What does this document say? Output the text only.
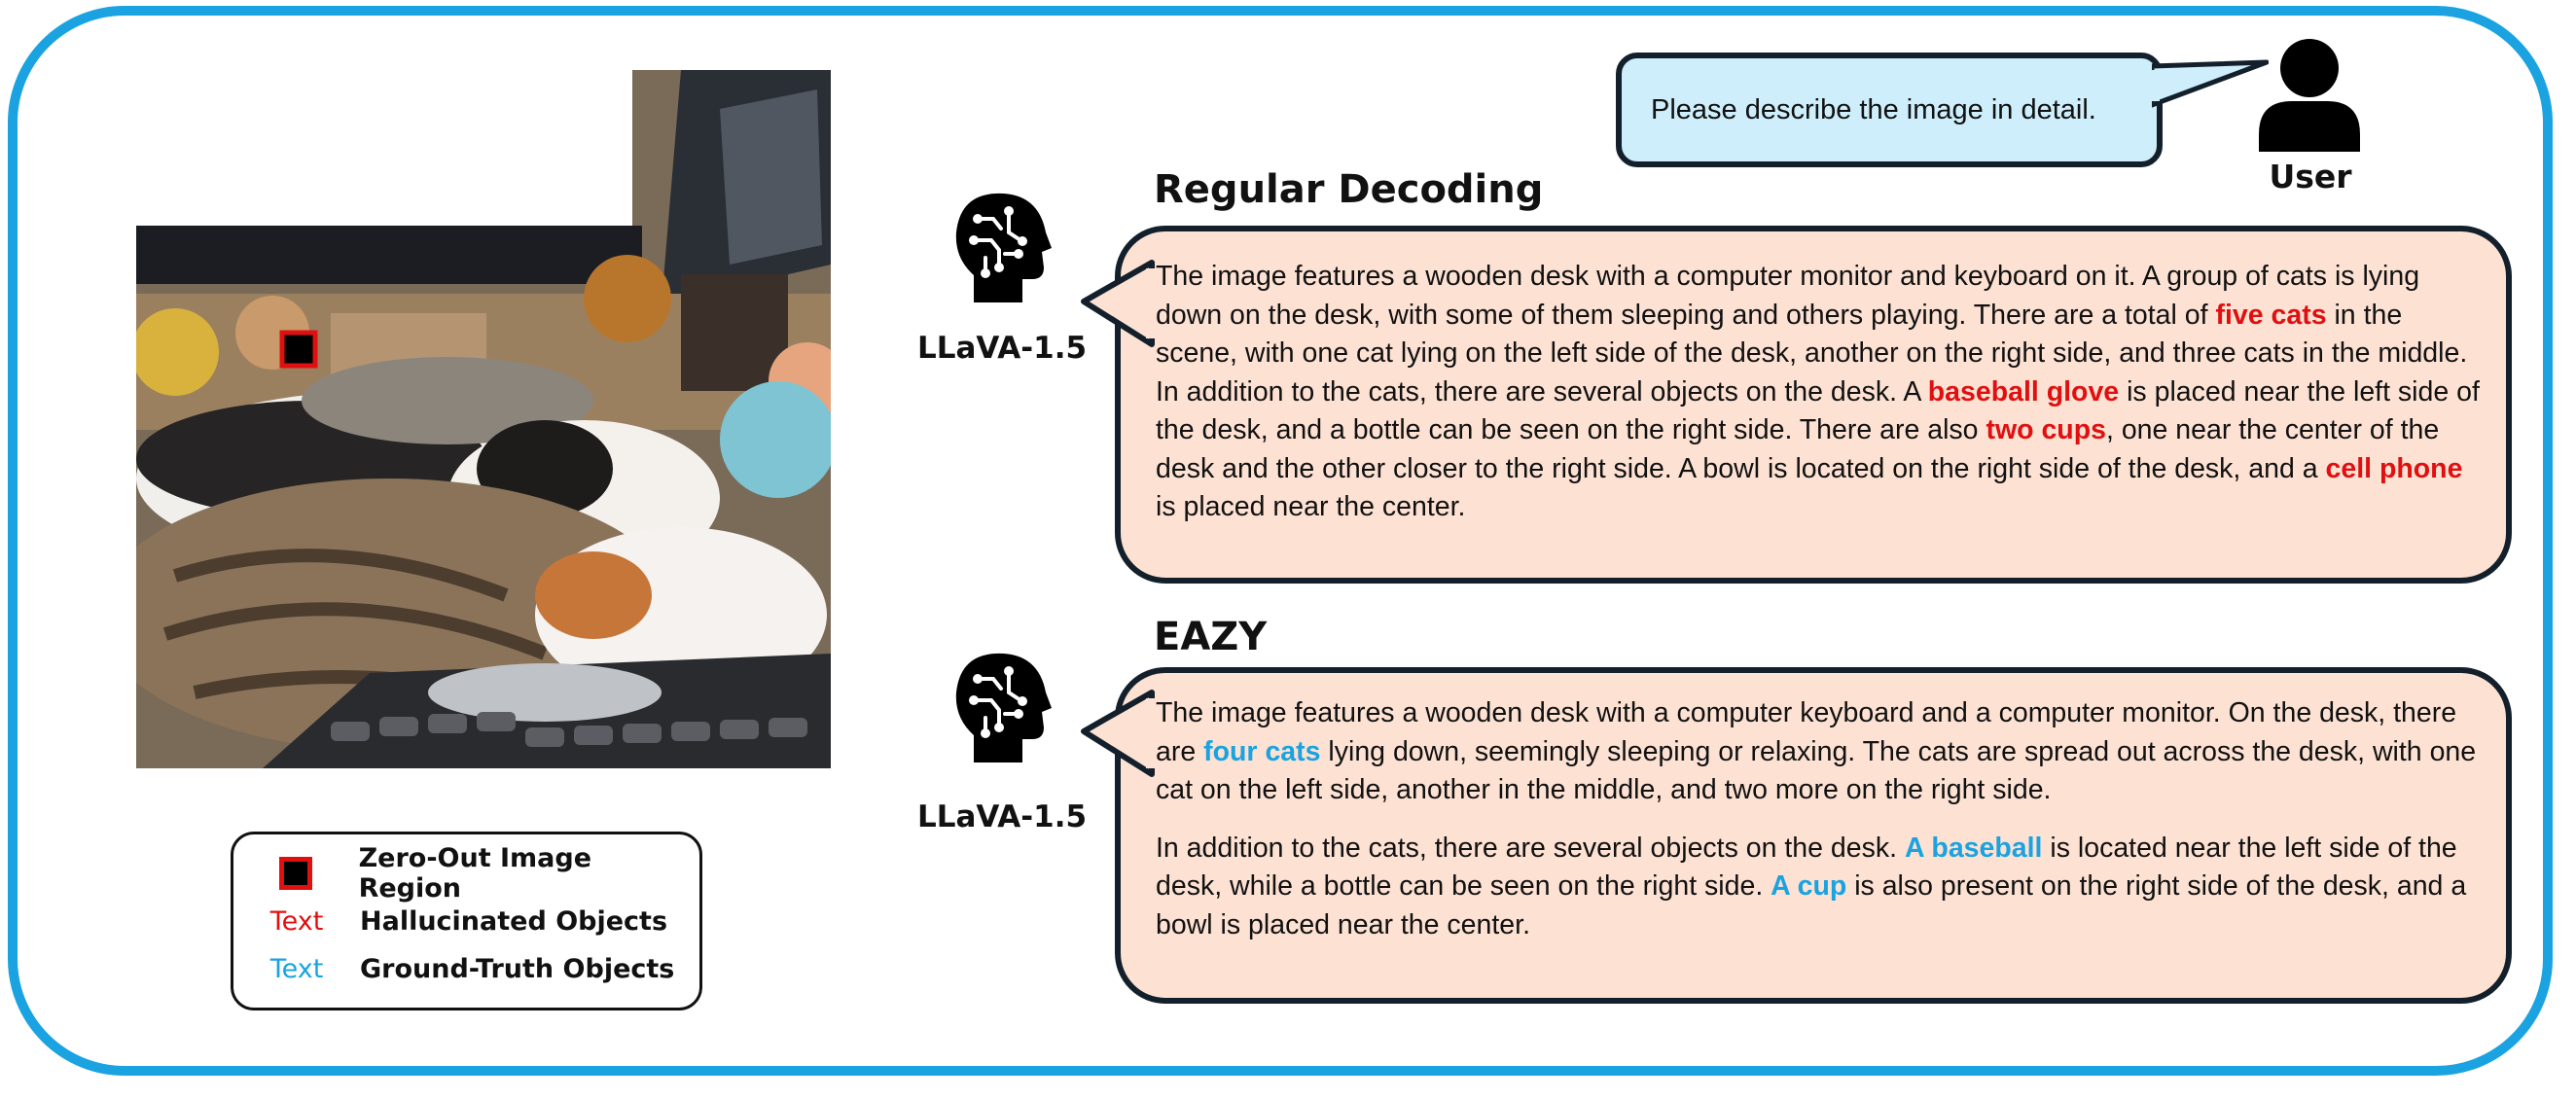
Zero-Out Image Region
Text Hallucinated Objects
Text Ground-Truth Objects
Please describe the image in detail.
User
LLaVA-1.5
Regular Decoding

The image features a wooden desk with a computer monitor and keyboard on it. A group of cats is lying down on the desk, with some of them sleeping and others playing. There are a total of five cats in the scene, with one cat lying on the left side of the desk, another on the right side, and three cats in the middle.

In addition to the cats, there are several objects on the desk. A baseball glove is placed near the left side of the desk, and a bottle can be seen on the right side. There are also two cups, one near the center of the desk and the other closer to the right side. A bowl is located on the right side of the desk, and a cell phone is placed near the center.

LLaVA-1.5
EAZY

The image features a wooden desk with a computer keyboard and a computer monitor. On the desk, there are four cats lying down, seemingly sleeping or relaxing. The cats are spread out across the desk, with one cat on the left side, another in the middle, and two more on the right side.

In addition to the cats, there are several objects on the desk. A baseball is located near the left side of the desk, while a bottle can be seen on the right side. A cup is also present on the right side of the desk, and a bowl is placed near the center.
